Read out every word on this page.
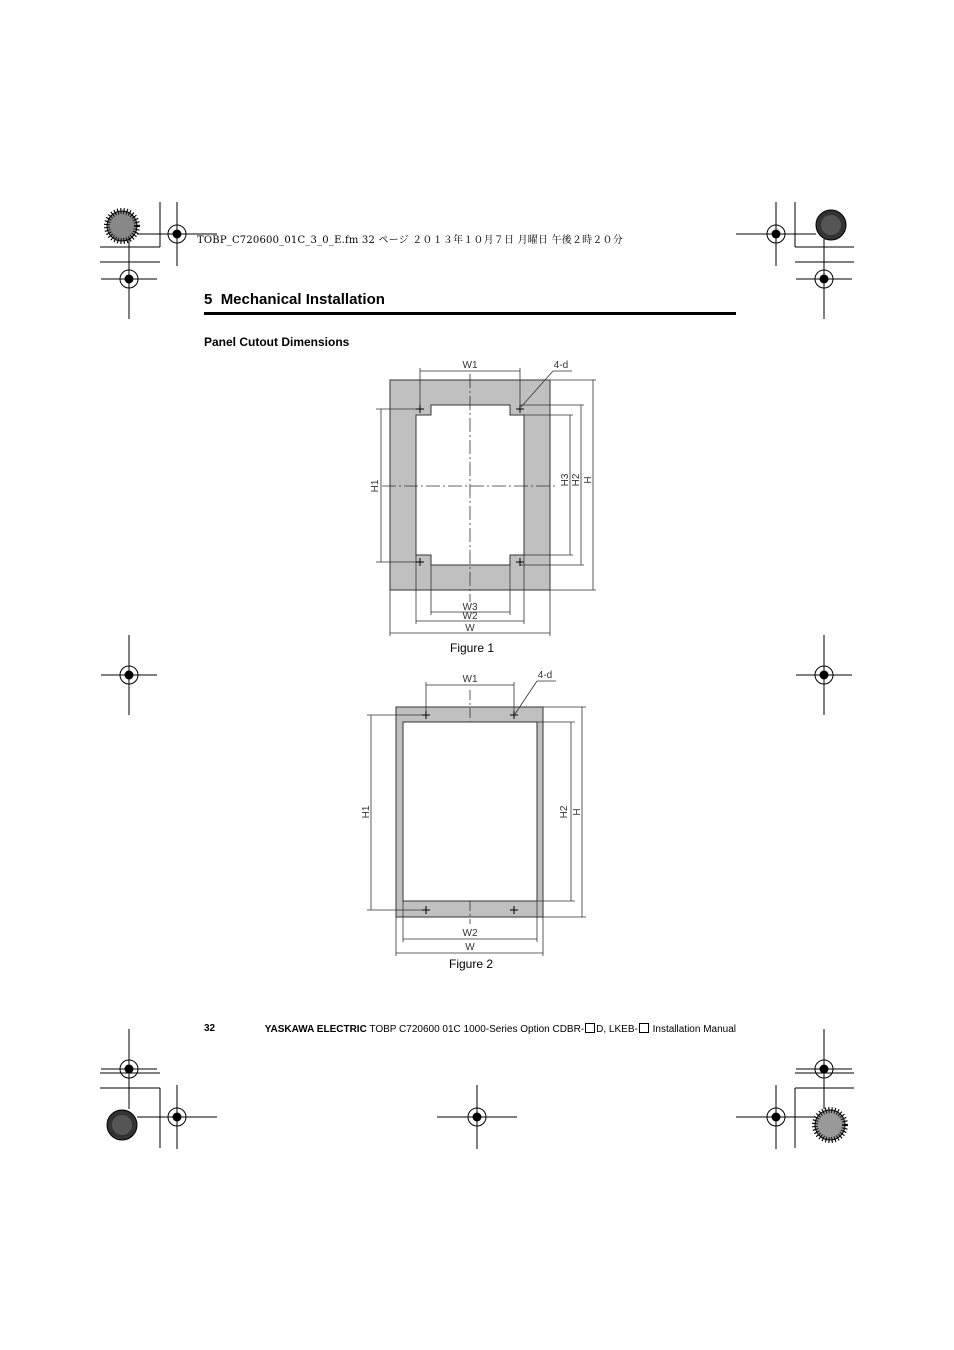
TOBP_C720600_01C_3_0_E.fm 32 ページ ２０１３年１０月７日 月曜日 午後２時２０分
5 Mechanical Installation
Panel Cutout Dimensions
W1	4-d
H1	H3 H2 H
W3
W2
W
Figure 1
W1	4-d
H1	H2 H
W2
W
Figure 2
32	YASKAWA ELECTRIC TOBP C720600 01C 1000-Series Option CDBR- D, LKEB- Installation Manual
